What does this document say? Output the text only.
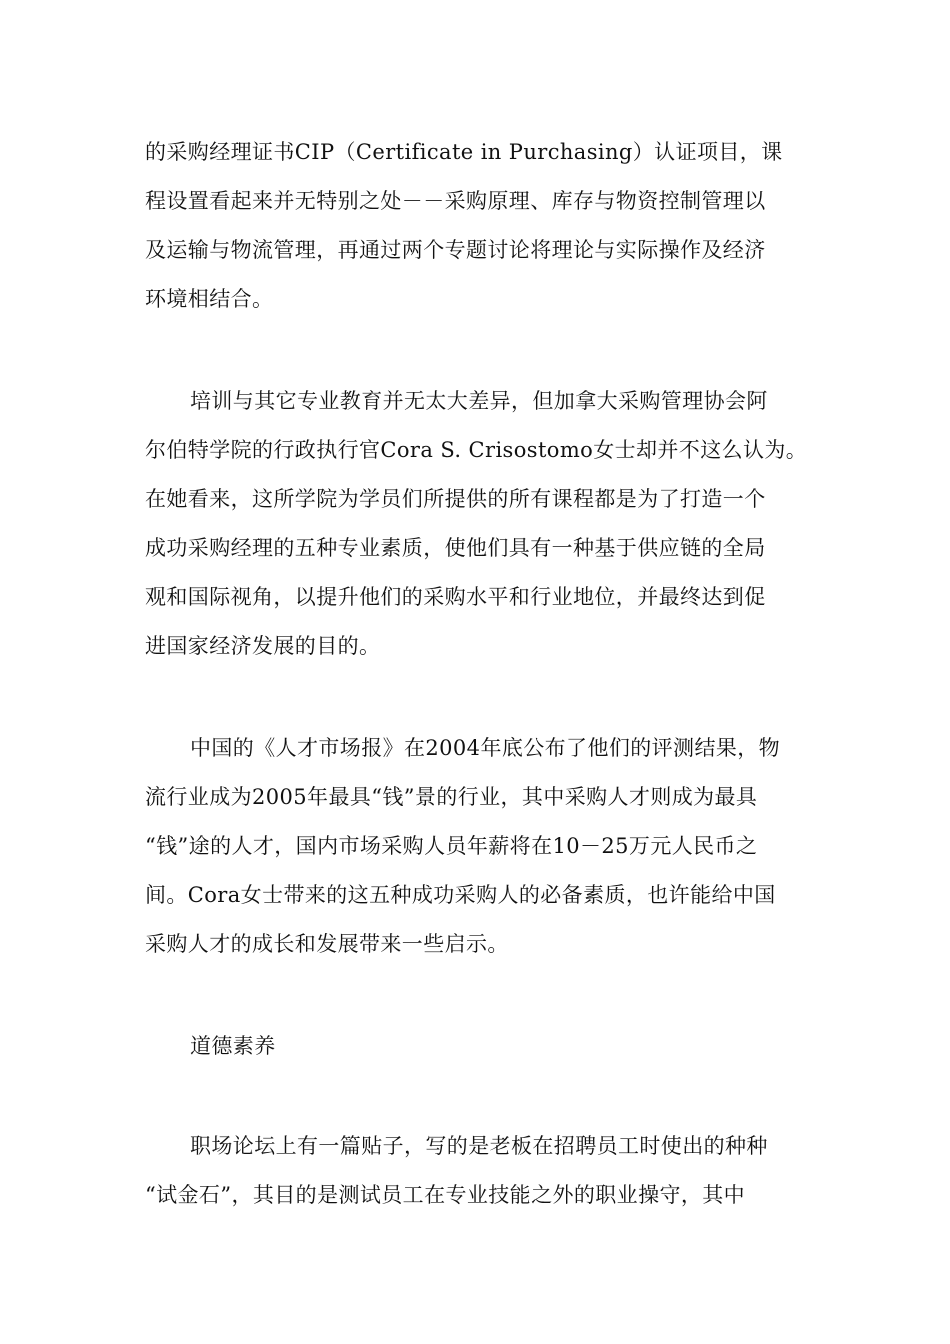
的采购经理证书CIP（Certificate in Purchasing）认证项目，课
程设置看起来并无特别之处－－采购原理、库存与物资控制管理以
及运输与物流管理，再通过两个专题讨论将理论与实际操作及经济
环境相结合。
培训与其它专业教育并无太大差异，但加拿大采购管理协会阿
尔伯特学院的行政执行官Cora S. Crisostomo女士却并不这么认为。
在她看来，这所学院为学员们所提供的所有课程都是为了打造一个
成功采购经理的五种专业素质，使他们具有一种基于供应链的全局
观和国际视角，以提升他们的采购水平和行业地位，并最终达到促
进国家经济发展的目的。
中国的《人才市场报》在2004年底公布了他们的评测结果，物
流行业成为2005年最具“钱”景的行业，其中采购人才则成为最具
“钱”途的人才，国内市场采购人员年薪将在10－25万元人民币之
间。Cora女士带来的这五种成功采购人的必备素质，也许能给中国
采购人才的成长和发展带来一些启示。
道德素养
职场论坛上有一篇贴子，写的是老板在招聘员工时使出的种种
“试金石”，其目的是测试员工在专业技能之外的职业操守，其中
